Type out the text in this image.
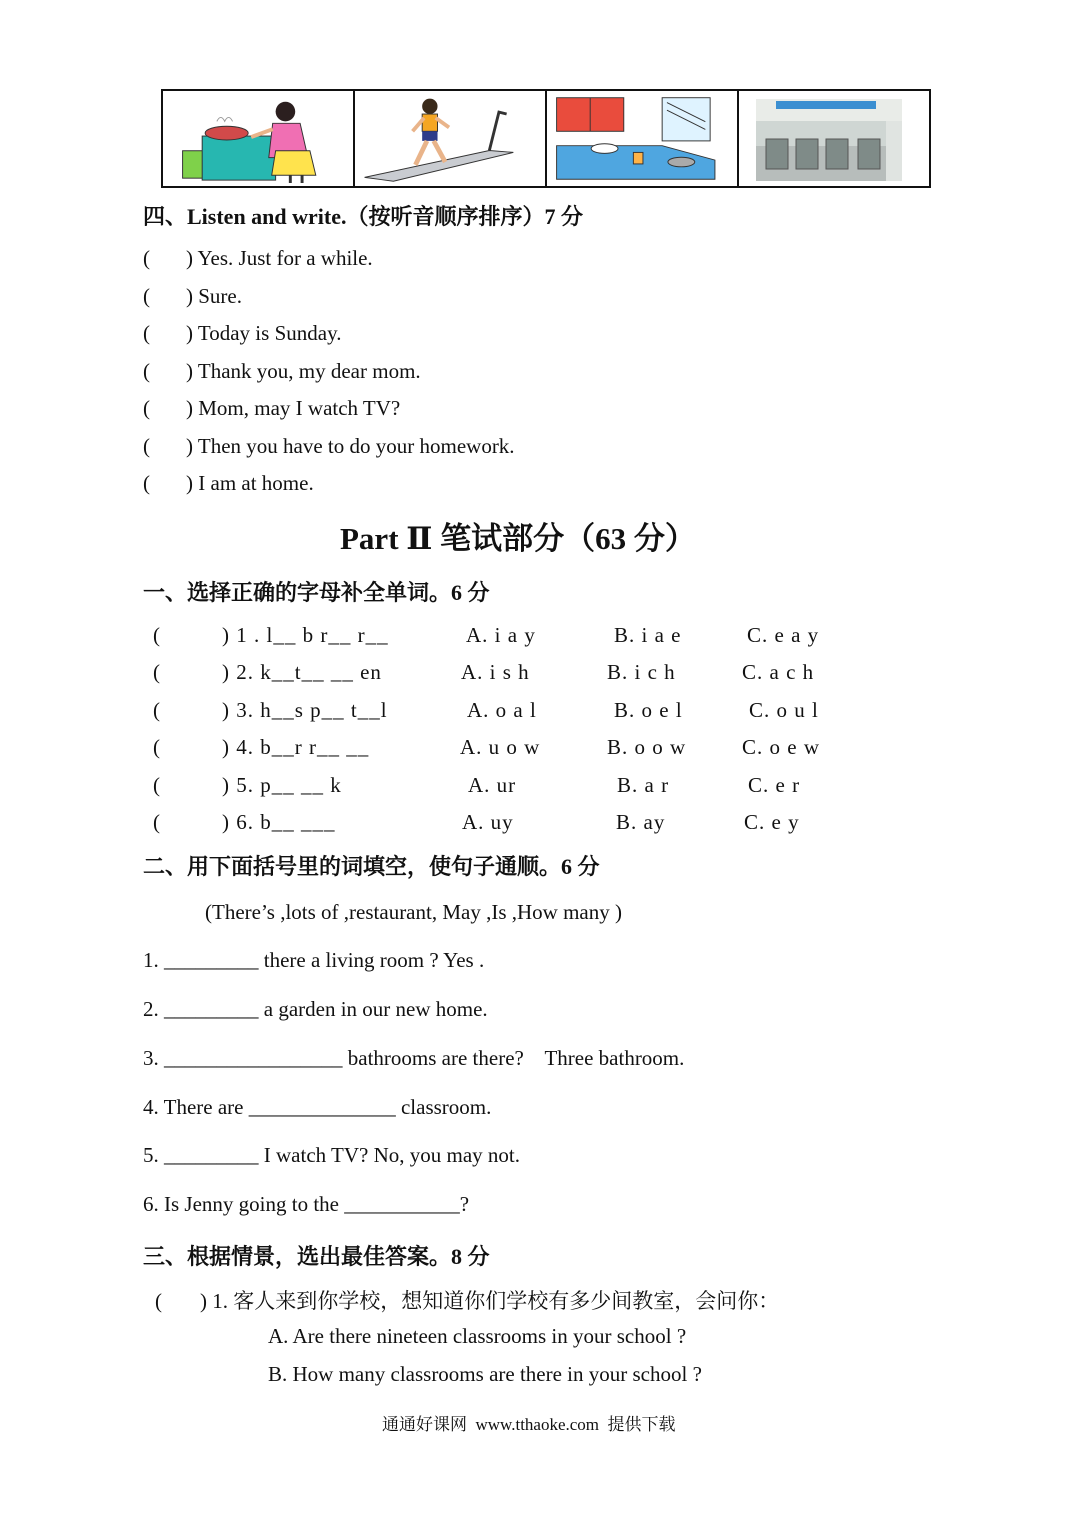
四、Listen and write.（按听音顺序排序）7 分
( ) Yes. Just for a while.
( ) Sure.
( ) Today is Sunday.
( ) Thank you, my dear mom.
( ) Mom, may I watch TV?
( ) Then you have to do your homework.
( ) I am at home.
Part Ⅱ 笔试部分（63 分）
一、选择正确的字母补全单词。6 分
(	) 1 . l__ b r__ r__	A. i a y	B. i a e	C. e a y
(	) 2. k__t__ __ en	A. i s h	B. i c h	C. a c h
(	) 3. h__s p__ t__l	A. o a l	B. o e l	C. o u l
(	) 4. b__r r__ __	A. u o w	B. o o w	C. o e w
(	) 5. p__ __ k	A. ur	B. a r	C. e r
(	) 6. b__ ___	A. uy	B. ay	C. e y
二、用下面括号里的词填空，使句子通顺。6 分
(There’s ,lots of ,restaurant, May ,Is ,How many )
1. _________ there a living room ? Yes .
2. _________ a garden in our new home.
3. _________________ bathrooms are there?    Three bathroom.
4. There are ______________ classroom.
5. _________ I watch TV? No, you may not.
6. Is Jenny going to the ___________?
三、根据情景，选出最佳答案。8 分
( ) 1. 客人来到你学校，想知道你们学校有多少间教室，会问你：
A. Are there nineteen classrooms in your school ?
B. How many classrooms are there in your school ?
通通好课网  www.tthaoke.com  提供下载
